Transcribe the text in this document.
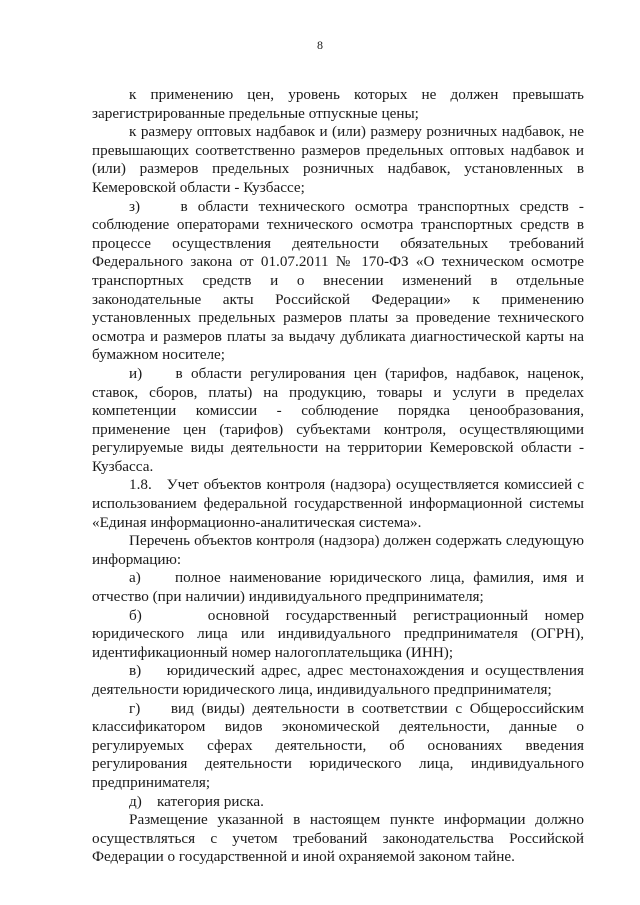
8

к применению цен, уровень которых не должен превышать зарегистрированные предельные отпускные цены;

к размеру оптовых надбавок и (или) размеру розничных надбавок, не превышающих соответственно размеров предельных оптовых надбавок и (или) размеров предельных розничных надбавок, установленных в Кемеровской области - Кузбассе;

з)    в области технического осмотра транспортных средств - соблюдение операторами технического осмотра транспортных средств в процессе осуществления деятельности обязательных требований Федерального закона от 01.07.2011 № 170-ФЗ «О техническом осмотре транспортных средств и о внесении изменений в отдельные законодательные акты Российской Федерации» к применению установленных предельных размеров платы за проведение технического осмотра и размеров платы за выдачу дубликата диагностической карты на бумажном носителе;

и)    в области регулирования цен (тарифов, надбавок, наценок, ставок, сборов, платы) на продукцию, товары и услуги в пределах компетенции комиссии - соблюдение порядка ценообразования, применение цен (тарифов) субъектами контроля, осуществляющими регулируемые виды деятельности на территории Кемеровской области - Кузбасса.

1.8.   Учет объектов контроля (надзора) осуществляется комиссией с использованием федеральной государственной информационной системы «Единая информационно-аналитическая система».

Перечень объектов контроля (надзора) должен содержать следующую информацию:

а)    полное наименование юридического лица, фамилия, имя и отчество (при наличии) индивидуального предпринимателя;

б)    основной государственный регистрационный номер юридического лица или индивидуального предпринимателя (ОГРН), идентификационный номер налогоплательщика (ИНН);

в)    юридический адрес, адрес местонахождения и осуществления деятельности юридического лица, индивидуального предпринимателя;

г)    вид (виды) деятельности в соответствии с Общероссийским классификатором видов экономической деятельности, данные о регулируемых сферах деятельности, об основаниях введения регулирования деятельности юридического лица, индивидуального предпринимателя;

д)    категория риска.

Размещение указанной в настоящем пункте информации должно осуществляться с учетом требований законодательства Российской Федерации о государственной и иной охраняемой законом тайне.
